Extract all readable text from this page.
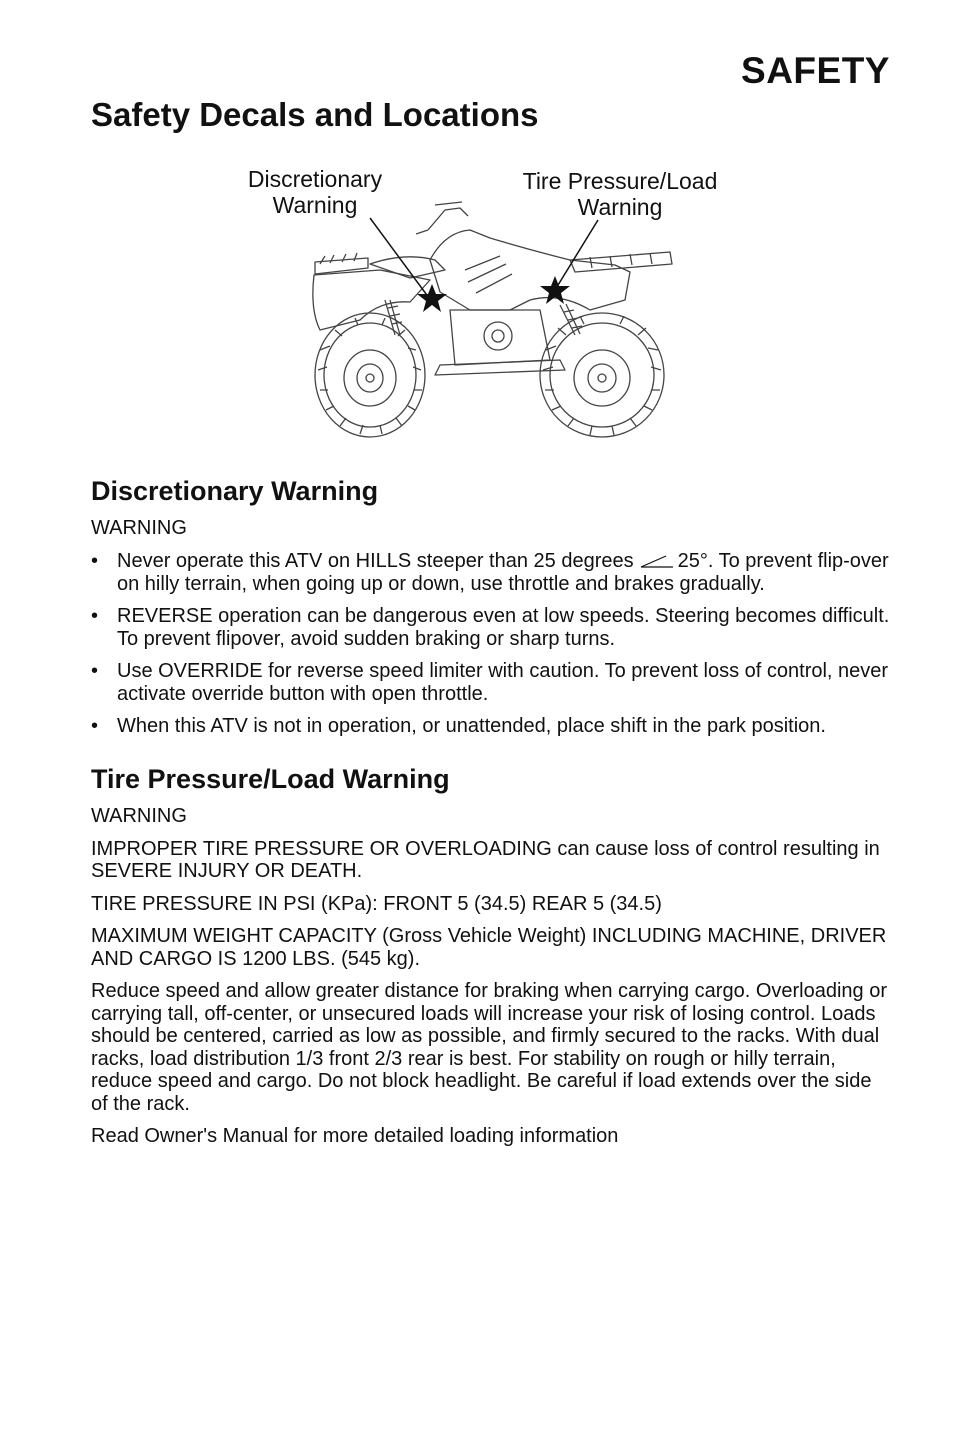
SAFETY
Safety Decals and Locations
Discretionary Warning
Tire Pressure/Load Warning
Discretionary Warning
WARNING
• Never operate this ATV on HILLS steeper than 25 degrees 25°. To prevent flip-over on hilly terrain, when going up or down, use throttle and brakes gradually.
• REVERSE operation can be dangerous even at low speeds. Steering becomes difficult. To prevent flipover, avoid sudden braking or sharp turns.
• Use OVERRIDE for reverse speed limiter with caution. To prevent loss of control, never activate override button with open throttle.
• When this ATV is not in operation, or unattended, place shift in the park position.
Tire Pressure/Load Warning
WARNING

IMPROPER TIRE PRESSURE OR OVERLOADING can cause loss of control resulting in SEVERE INJURY OR DEATH.

TIRE PRESSURE IN PSI (KPa): FRONT 5 (34.5) REAR 5 (34.5)

MAXIMUM WEIGHT CAPACITY (Gross Vehicle Weight) INCLUDING MACHINE, DRIVER AND CARGO IS 1200 LBS. (545 kg).

Reduce speed and allow greater distance for braking when carrying cargo. Overloading or carrying tall, off-center, or unsecured loads will increase your risk of losing control. Loads should be centered, carried as low as possible, and firmly secured to the racks. With dual racks, load distribution 1/3 front 2/3 rear is best. For stability on rough or hilly terrain, reduce speed and cargo. Do not block headlight. Be careful if load extends over the side of the rack.

Read Owner's Manual for more detailed loading information
